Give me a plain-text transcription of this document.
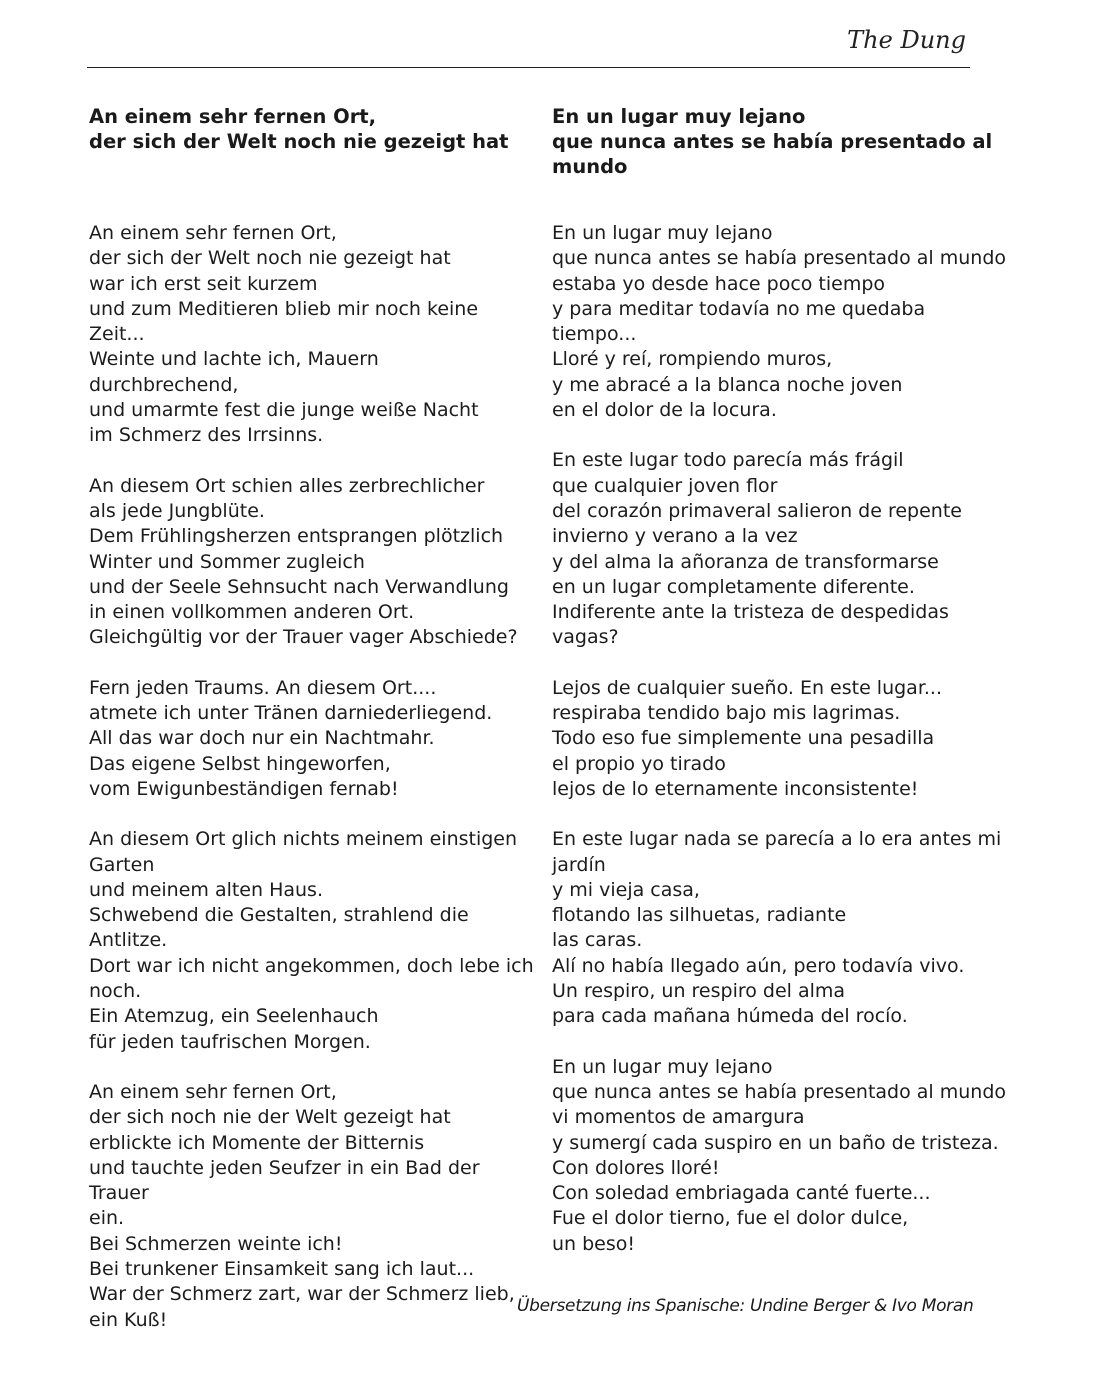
The Dung
An einem sehr fernen Ort,
der sich der Welt noch nie gezeigt hat

An einem sehr fernen Ort,
der sich der Welt noch nie gezeigt hat
war ich erst seit kurzem
und zum Meditieren blieb mir noch keine Zeit...
Weinte und lachte ich, Mauern durchbrechend,
und umarmte fest die junge weiße Nacht
im Schmerz des Irrsinns.

An diesem Ort schien alles zerbrechlicher
als jede Jungblüte.
Dem Frühlingsherzen entsprangen plötzlich
Winter und Sommer zugleich
und der Seele Sehnsucht nach Verwandlung
in einen vollkommen anderen Ort.
Gleichgültig vor der Trauer vager Abschiede?

Fern jeden Traums. An diesem Ort....
atmete ich unter Tränen darniederliegend.
All das war doch nur ein Nachtmahr.
Das eigene Selbst hingeworfen,
vom Ewigunbeständigen fernab!

An diesem Ort glich nichts meinem einstigen
Garten
und meinem alten Haus.
Schwebend die Gestalten, strahlend die Antlitze.
Dort war ich nicht angekommen, doch lebe ich
noch.
Ein Atemzug, ein Seelenhauch
für jeden taufrischen Morgen.

An einem sehr fernen Ort,
der sich noch nie der Welt gezeigt hat
erblickte ich Momente der Bitternis
und tauchte jeden Seufzer in ein Bad der Trauer
ein.
Bei Schmerzen weinte ich!
Bei trunkener Einsamkeit sang ich laut...
War der Schmerz zart, war der Schmerz lieb,
ein Kuß!

En un lugar muy lejano
que nunca antes se había presentado al
mundo

En un lugar muy lejano
que nunca antes se había presentado al mundo
estaba yo desde hace poco tiempo
y para meditar todavía no me quedaba tiempo...
Lloré y reí, rompiendo muros,
y me abracé a la blanca noche joven
en el dolor de la locura.

En este lugar todo parecía más frágil
que cualquier joven flor
del corazón primaveral salieron de repente
invierno y verano a la vez
y del alma la añoranza de transformarse
en un lugar completamente diferente.
Indiferente ante la tristeza de despedidas vagas?

Lejos de cualquier sueño. En este lugar...
respiraba tendido bajo mis lagrimas.
Todo eso fue simplemente una pesadilla
el propio yo tirado
lejos de lo eternamente inconsistente!

En este lugar nada se parecía a lo era antes mi
jardín
y mi vieja casa,
flotando las silhuetas, radiante
las caras.
Alí no había llegado aún, pero todavía vivo.
Un respiro, un respiro del alma
para cada mañana húmeda del rocío.

En un lugar muy lejano
que nunca antes se había presentado al mundo
vi momentos de amargura
y sumergí cada suspiro en un baño de tristeza.
Con dolores lloré!
Con soledad embriagada canté fuerte...
Fue el dolor tierno, fue el dolor dulce,
un beso!

Übersetzung ins Spanische: Undine Berger & Ivo Moran
